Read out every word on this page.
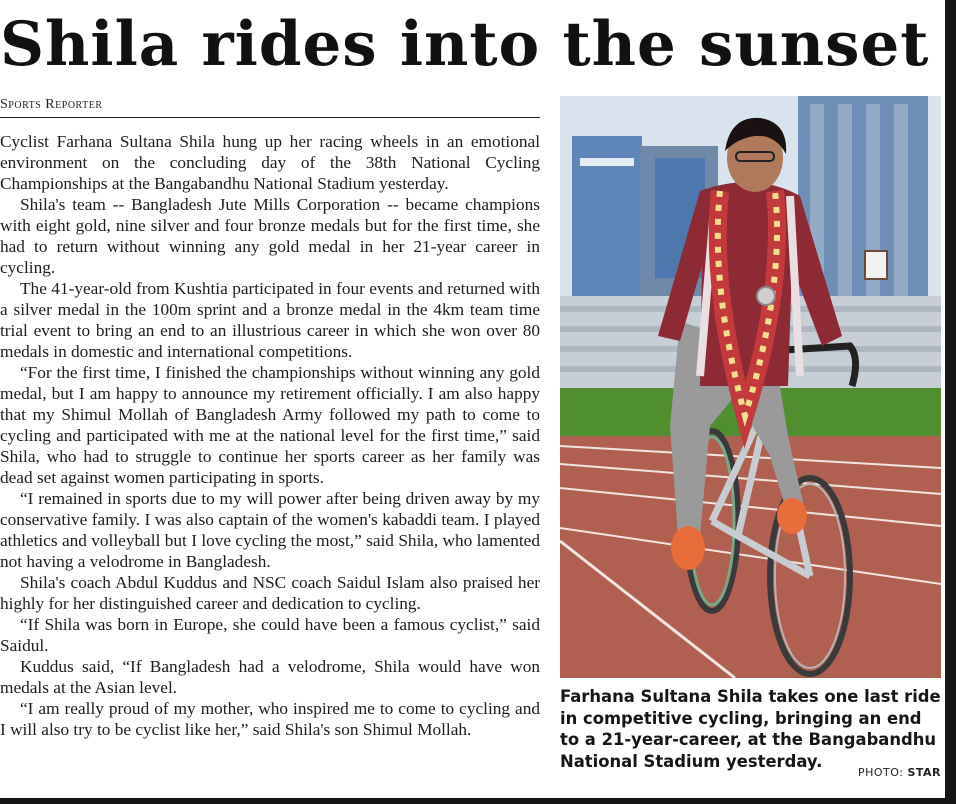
Shila rides into the sunset
Sports Reporter

Cyclist Farhana Sultana Shila hung up her racing wheels in an emotional environment on the concluding day of the 38th National Cycling Championships at the Bangabandhu National Stadium yesterday.

Shila's team -- Bangladesh Jute Mills Corporation -- became champions with eight gold, nine silver and four bronze medals but for the first time, she had to return without winning any gold medal in her 21-year career in cycling.

The 41-year-old from Kushtia participated in four events and returned with a silver medal in the 100m sprint and a bronze medal in the 4km team time trial event to bring an end to an illustrious career in which she won over 80 medals in domestic and international competitions.

“For the first time, I finished the championships without winning any gold medal, but I am happy to announce my retirement officially. I am also happy that my Shimul Mollah of Bangladesh Army followed my path to come to cycling and participated with me at the national level for the first time,” said Shila, who had to struggle to continue her sports career as her family was dead set against women participating in sports.

“I remained in sports due to my will power after being driven away by my conservative family. I was also captain of the women's kabaddi team. I played athletics and volleyball but I love cycling the most,” said Shila, who lamented not having a velodrome in Bangladesh.

Shila's coach Abdul Kuddus and NSC coach Saidul Islam also praised her highly for her distinguished career and dedication to cycling.

“If Shila was born in Europe, she could have been a famous cyclist,” said Saidul.

Kuddus said, “If Bangladesh had a velodrome, Shila would have won medals at the Asian level.

“I am really proud of my mother, who inspired me to come to cycling and I will also try to be cyclist like her,” said Shila's son Shimul Mollah.

Farhana Sultana Shila takes one last ride in competitive cycling, bringing an end to a 21-year-career, at the Bangabandhu National Stadium yesterday.
PHOTO: STAR
